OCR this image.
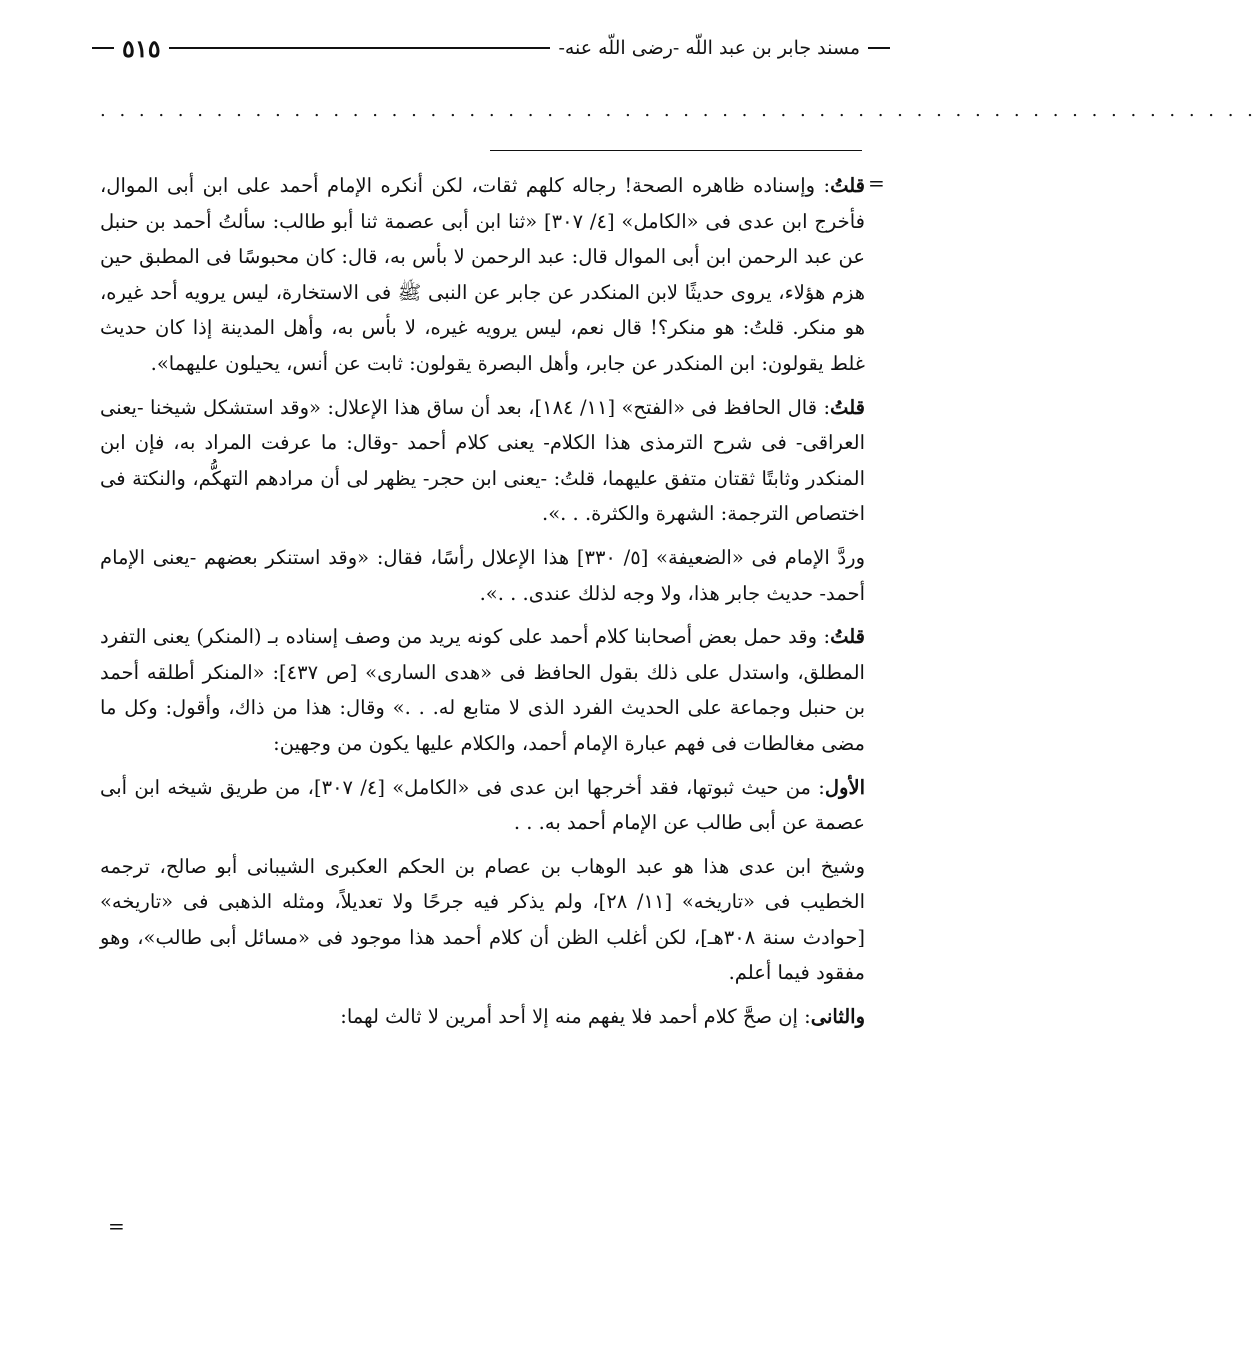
مسند جابر بن عبد اللّه -رضى اللّه عنه-
٥١٥
. . . . . . . . . . . . . . . . . . . . . . . . . . . . . . . . . . . . . . . . . . . . . . . . . . . . . . . . . . . .
=

قلتُ: وإسناده ظاهره الصحة! رجاله كلهم ثقات، لكن أنكره الإمام أحمد على ابن أبى الموال، فأخرج ابن عدى فى «الكامل» [٤/ ٣٠٧] «ثنا ابن أبى عصمة ثنا أبو طالب: سألتُ أحمد بن حنبل عن عبد الرحمن ابن أبى الموال قال: عبد الرحمن لا بأس به، قال: كان محبوسًا فى المطبق حين هزم هؤلاء، يروى حديثًا لابن المنكدر عن جابر عن النبى ﷺ فى الاستخارة، ليس يرويه أحد غيره، هو منكر. قلتُ: هو منكر؟! قال نعم، ليس يرويه غيره، لا بأس به، وأهل المدينة إذا كان حديث غلط يقولون: ابن المنكدر عن جابر، وأهل البصرة يقولون: ثابت عن أنس، يحيلون عليهما».

قلتُ: قال الحافظ فى «الفتح» [١١/ ١٨٤]، بعد أن ساق هذا الإعلال: «وقد استشكل شيخنا -يعنى العراقى- فى شرح الترمذى هذا الكلام- يعنى كلام أحمد -وقال: ما عرفت المراد به، فإن ابن المنكدر وثابتًا ثقتان متفق عليهما، قلتُ: -يعنى ابن حجر- يظهر لى أن مرادهم التهكُّم، والنكتة فى اختصاص الترجمة: الشهرة والكثرة. . .».

وردَّ الإمام فى «الضعيفة» [٥/ ٣٣٠] هذا الإعلال رأسًا، فقال: «وقد استنكر بعضهم -يعنى الإمام أحمد- حديث جابر هذا، ولا وجه لذلك عندى. . .».

قلتُ: وقد حمل بعض أصحابنا كلام أحمد على كونه يريد من وصف إسناده بـ (المنكر) يعنى التفرد المطلق، واستدل على ذلك بقول الحافظ فى «هدى السارى» [ص ٤٣٧]: «المنكر أطلقه أحمد بن حنبل وجماعة على الحديث الفرد الذى لا متابع له. . .» وقال: هذا من ذاك، وأقول: وكل ما مضى مغالطات فى فهم عبارة الإمام أحمد، والكلام عليها يكون من وجهين:

الأول: من حيث ثبوتها، فقد أخرجها ابن عدى فى «الكامل» [٤/ ٣٠٧]، من طريق شيخه ابن أبى عصمة عن أبى طالب عن الإمام أحمد به. . .

وشيخ ابن عدى هذا هو عبد الوهاب بن عصام بن الحكم العكبرى الشيبانى أبو صالح، ترجمه الخطيب فى «تاريخه» [١١/ ٢٨]، ولم يذكر فيه جرحًا ولا تعديلاً، ومثله الذهبى فى «تاريخه» [حوادث سنة ٣٠٨هـ]، لكن أغلب الظن أن كلام أحمد هذا موجود فى «مسائل أبى طالب»، وهو مفقود فيما أعلم.

والثانى: إن صحَّ كلام أحمد فلا يفهم منه إلا أحد أمرين لا ثالث لهما:

=
